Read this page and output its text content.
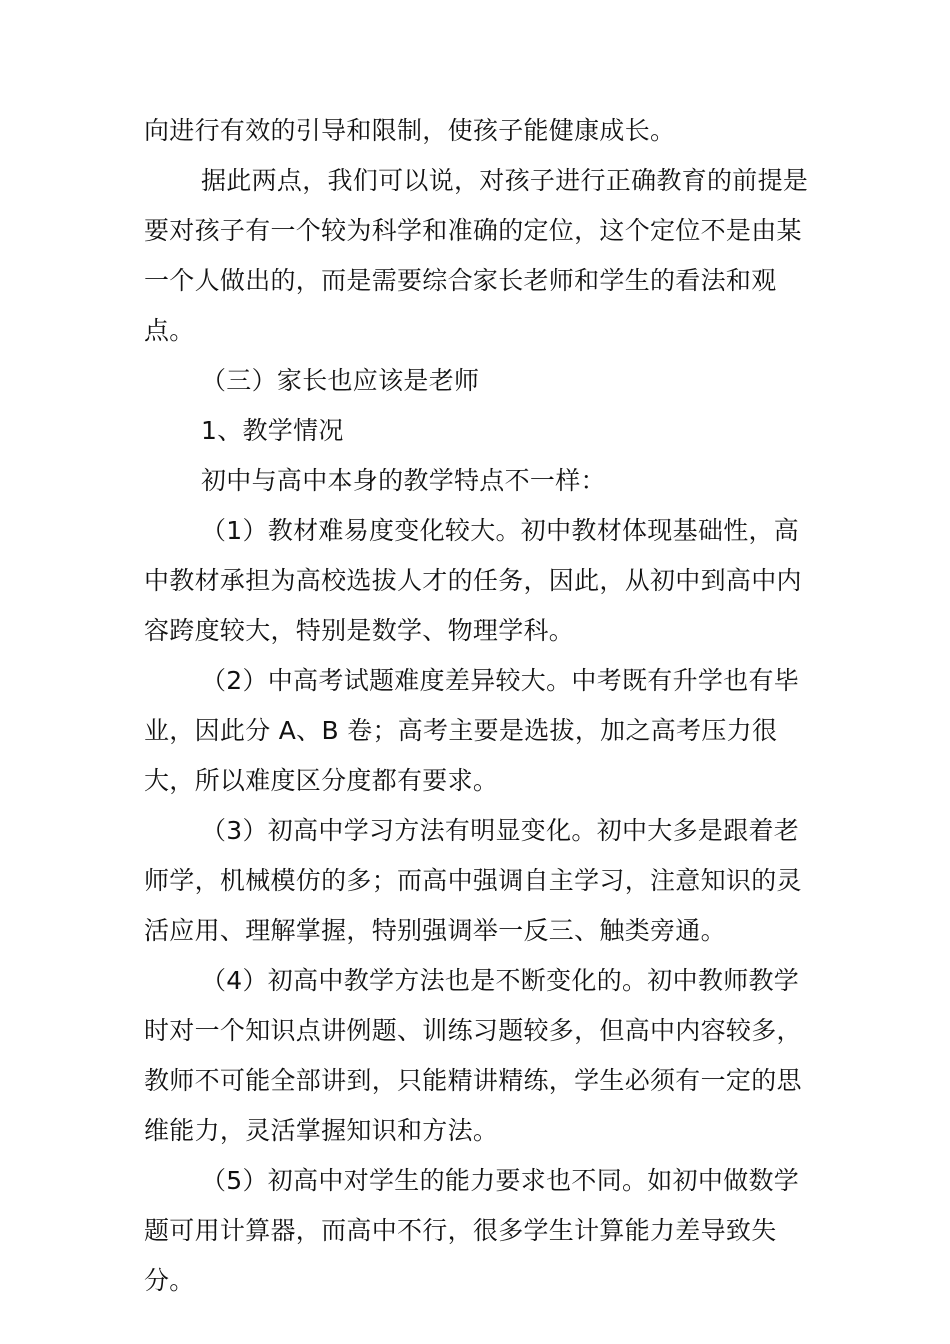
向进行有效的引导和限制，使孩子能健康成长。

据此两点，我们可以说，对孩子进行正确教育的前提是要对孩子有一个较为科学和准确的定位，这个定位不是由某一个人做出的，而是需要综合家长老师和学生的看法和观点。

（三）家长也应该是老师

1、教学情况

初中与高中本身的教学特点不一样：

（1）教材难易度变化较大。初中教材体现基础性，高中教材承担为高校选拔人才的任务，因此，从初中到高中内容跨度较大，特别是数学、物理学科。

（2）中高考试题难度差异较大。中考既有升学也有毕业，因此分 A、B 卷；高考主要是选拔，加之高考压力很大，所以难度区分度都有要求。

（3）初高中学习方法有明显变化。初中大多是跟着老师学，机械模仿的多；而高中强调自主学习，注意知识的灵活应用、理解掌握，特别强调举一反三、触类旁通。

（4）初高中教学方法也是不断变化的。初中教师教学时对一个知识点讲例题、训练习题较多，但高中内容较多，教师不可能全部讲到，只能精讲精练，学生必须有一定的思维能力，灵活掌握知识和方法。

（5）初高中对学生的能力要求也不同。如初中做数学题可用计算器，而高中不行，很多学生计算能力差导致失分。
